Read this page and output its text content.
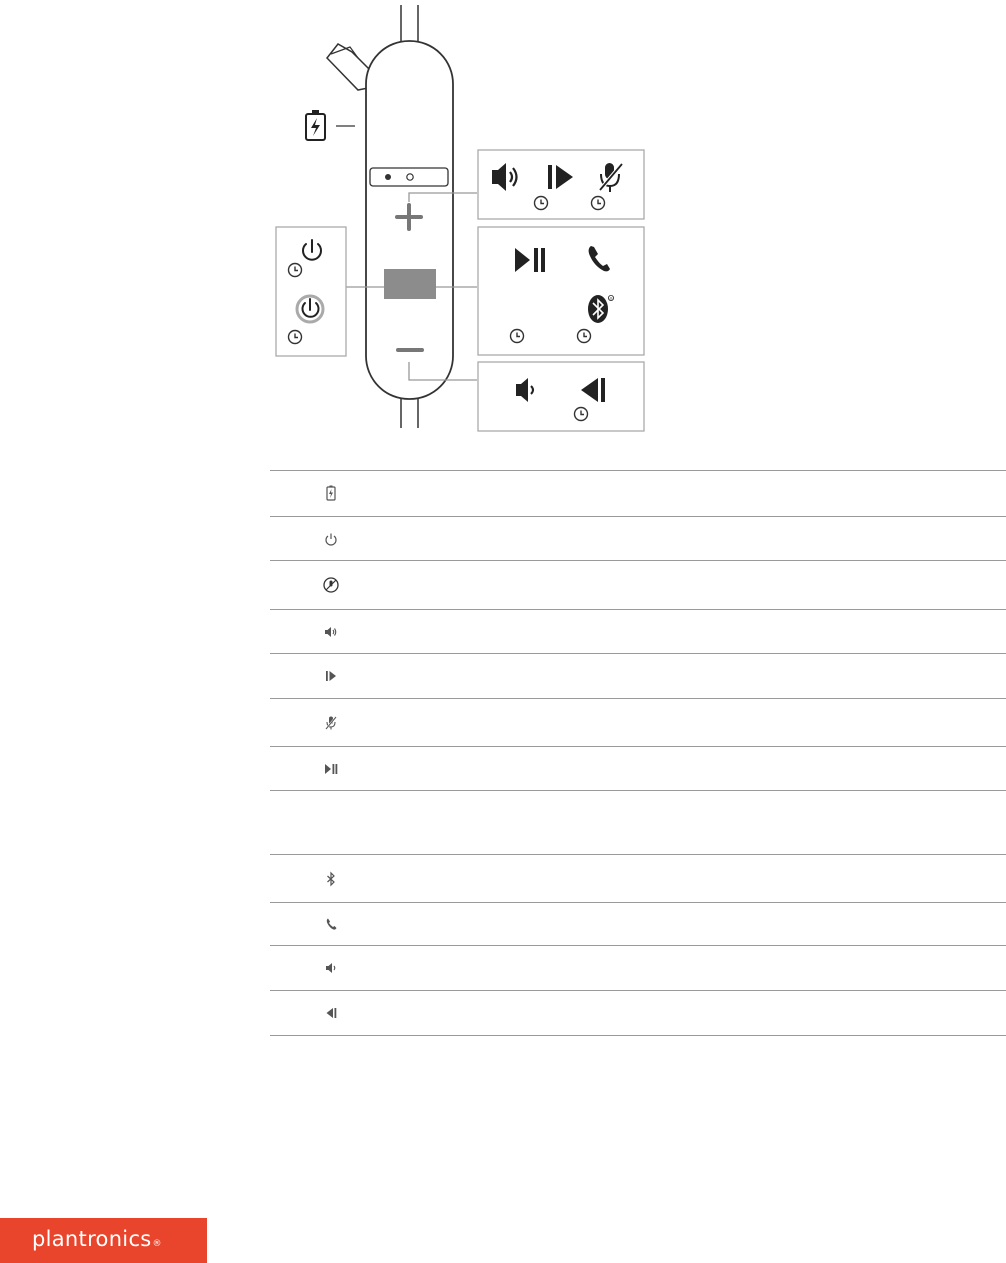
®
plantronics®
